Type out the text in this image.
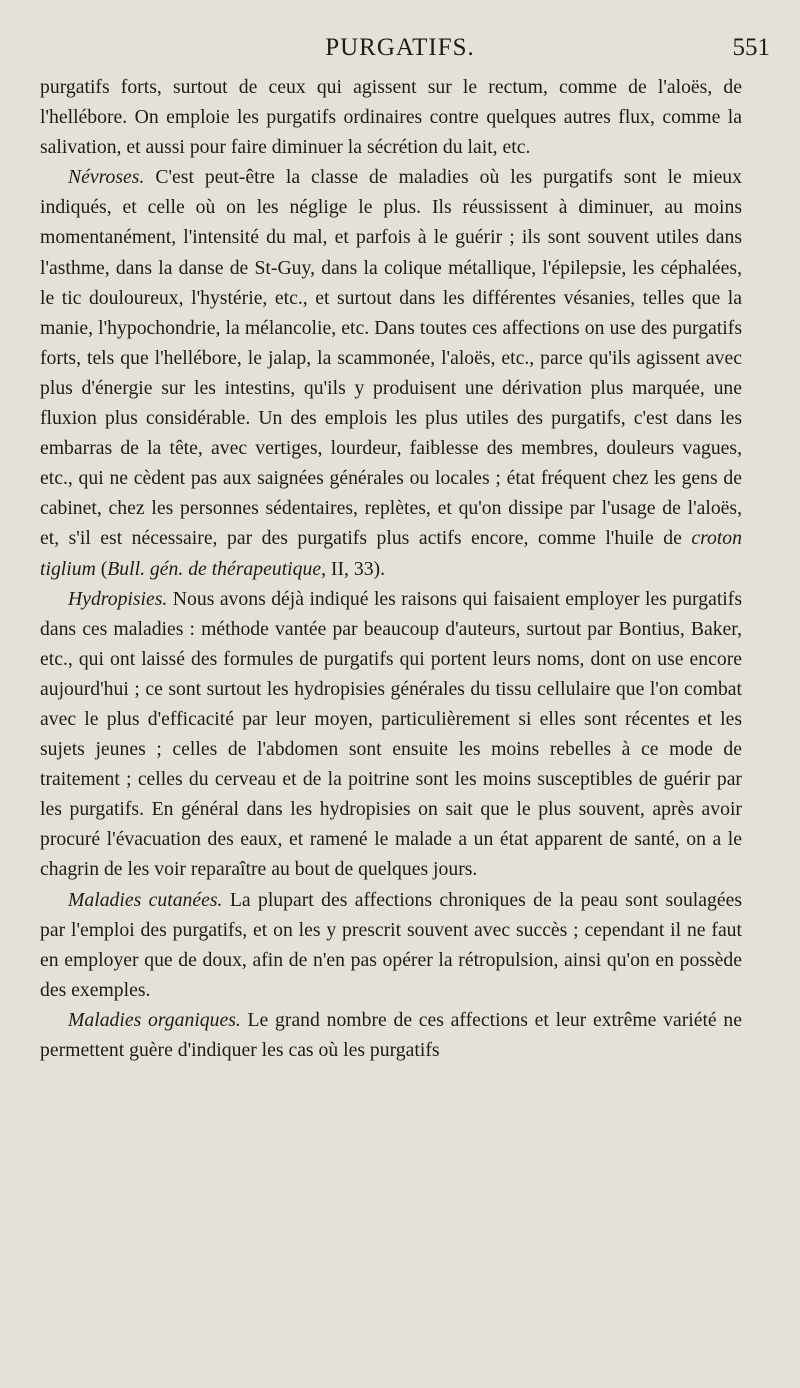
PURGATIFS.	551

purgatifs forts, surtout de ceux qui agissent sur le rectum, comme de l'aloës, de l'hellébore. On emploie les purgatifs ordinaires contre quelques autres flux, comme la salivation, et aussi pour faire diminuer la sécrétion du lait, etc.

Névroses. C'est peut-être la classe de maladies où les purgatifs sont le mieux indiqués, et celle où on les néglige le plus. Ils réussissent à diminuer, au moins momentanément, l'intensité du mal, et parfois à le guérir ; ils sont souvent utiles dans l'asthme, dans la danse de St-Guy, dans la colique métallique, l'épilepsie, les céphalées, le tic douloureux, l'hystérie, etc., et surtout dans les différentes vésanies, telles que la manie, l'hypochondrie, la mélancolie, etc. Dans toutes ces affections on use des purgatifs forts, tels que l'hellébore, le jalap, la scammonée, l'aloës, etc., parce qu'ils agissent avec plus d'énergie sur les intestins, qu'ils y produisent une dérivation plus marquée, une fluxion plus considérable. Un des emplois les plus utiles des purgatifs, c'est dans les embarras de la tête, avec vertiges, lourdeur, faiblesse des membres, douleurs vagues, etc., qui ne cèdent pas aux saignées générales ou locales ; état fréquent chez les gens de cabinet, chez les personnes sédentaires, replètes, et qu'on dissipe par l'usage de l'aloës, et, s'il est nécessaire, par des purgatifs plus actifs encore, comme l'huile de croton tiglium (Bull. gén. de thérapeutique, II, 33).

Hydropisies. Nous avons déjà indiqué les raisons qui faisaient employer les purgatifs dans ces maladies : méthode vantée par beaucoup d'auteurs, surtout par Bontius, Baker, etc., qui ont laissé des formules de purgatifs qui portent leurs noms, dont on use encore aujourd'hui ; ce sont surtout les hydropisies générales du tissu cellulaire que l'on combat avec le plus d'efficacité par leur moyen, particulièrement si elles sont récentes et les sujets jeunes ; celles de l'abdomen sont ensuite les moins rebelles à ce mode de traitement ; celles du cerveau et de la poitrine sont les moins susceptibles de guérir par les purgatifs. En général dans les hydropisies on sait que le plus souvent, après avoir procuré l'évacuation des eaux, et ramené le malade a un état apparent de santé, on a le chagrin de les voir reparaître au bout de quelques jours.

Maladies cutanées. La plupart des affections chroniques de la peau sont soulagées par l'emploi des purgatifs, et on les y prescrit souvent avec succès ; cependant il ne faut en employer que de doux, afin de n'en pas opérer la rétropulsion, ainsi qu'on en possède des exemples.

Maladies organiques. Le grand nombre de ces affections et leur extrême variété ne permettent guère d'indiquer les cas où les purgatifs
